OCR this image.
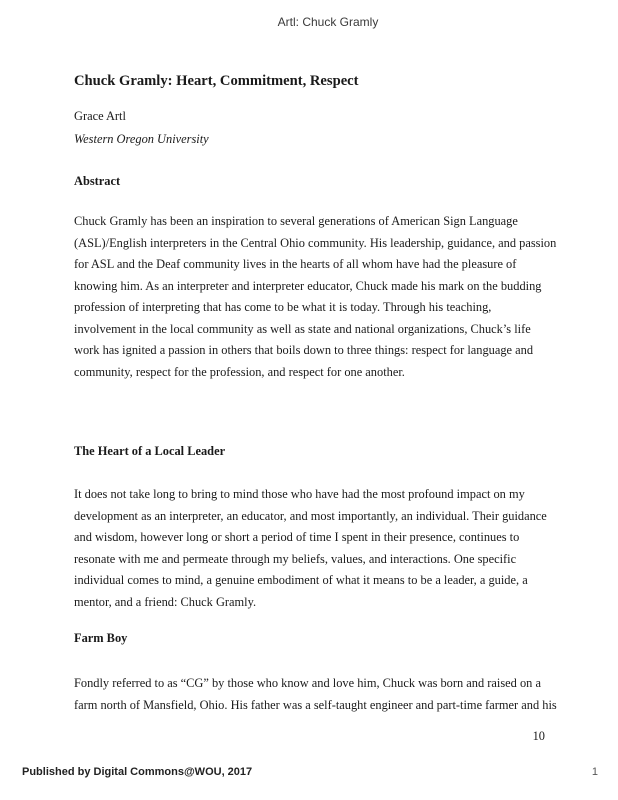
Artl: Chuck Gramly
Chuck Gramly: Heart, Commitment, Respect
Grace Artl
Western Oregon University
Abstract
Chuck Gramly has been an inspiration to several generations of American Sign Language
(ASL)/English interpreters in the Central Ohio community. His leadership, guidance, and passion
for ASL and the Deaf community lives in the hearts of all whom have had the pleasure of
knowing him. As an interpreter and interpreter educator, Chuck made his mark on the budding
profession of interpreting that has come to be what it is today. Through his teaching,
involvement in the local community as well as state and national organizations, Chuck’s life
work has ignited a passion in others that boils down to three things: respect for language and
community, respect for the profession, and respect for one another.
The Heart of a Local Leader
It does not take long to bring to mind those who have had the most profound impact on my
development as an interpreter, an educator, and most importantly, an individual. Their guidance
and wisdom, however long or short a period of time I spent in their presence, continues to
resonate with me and permeate through my beliefs, values, and interactions. One specific
individual comes to mind, a genuine embodiment of what it means to be a leader, a guide, a
mentor, and a friend: Chuck Gramly.
Farm Boy
Fondly referred to as “CG” by those who know and love him, Chuck was born and raised on a
farm north of Mansfield, Ohio. His father was a self-taught engineer and part-time farmer and his
10
Published by Digital Commons@WOU, 2017	1
